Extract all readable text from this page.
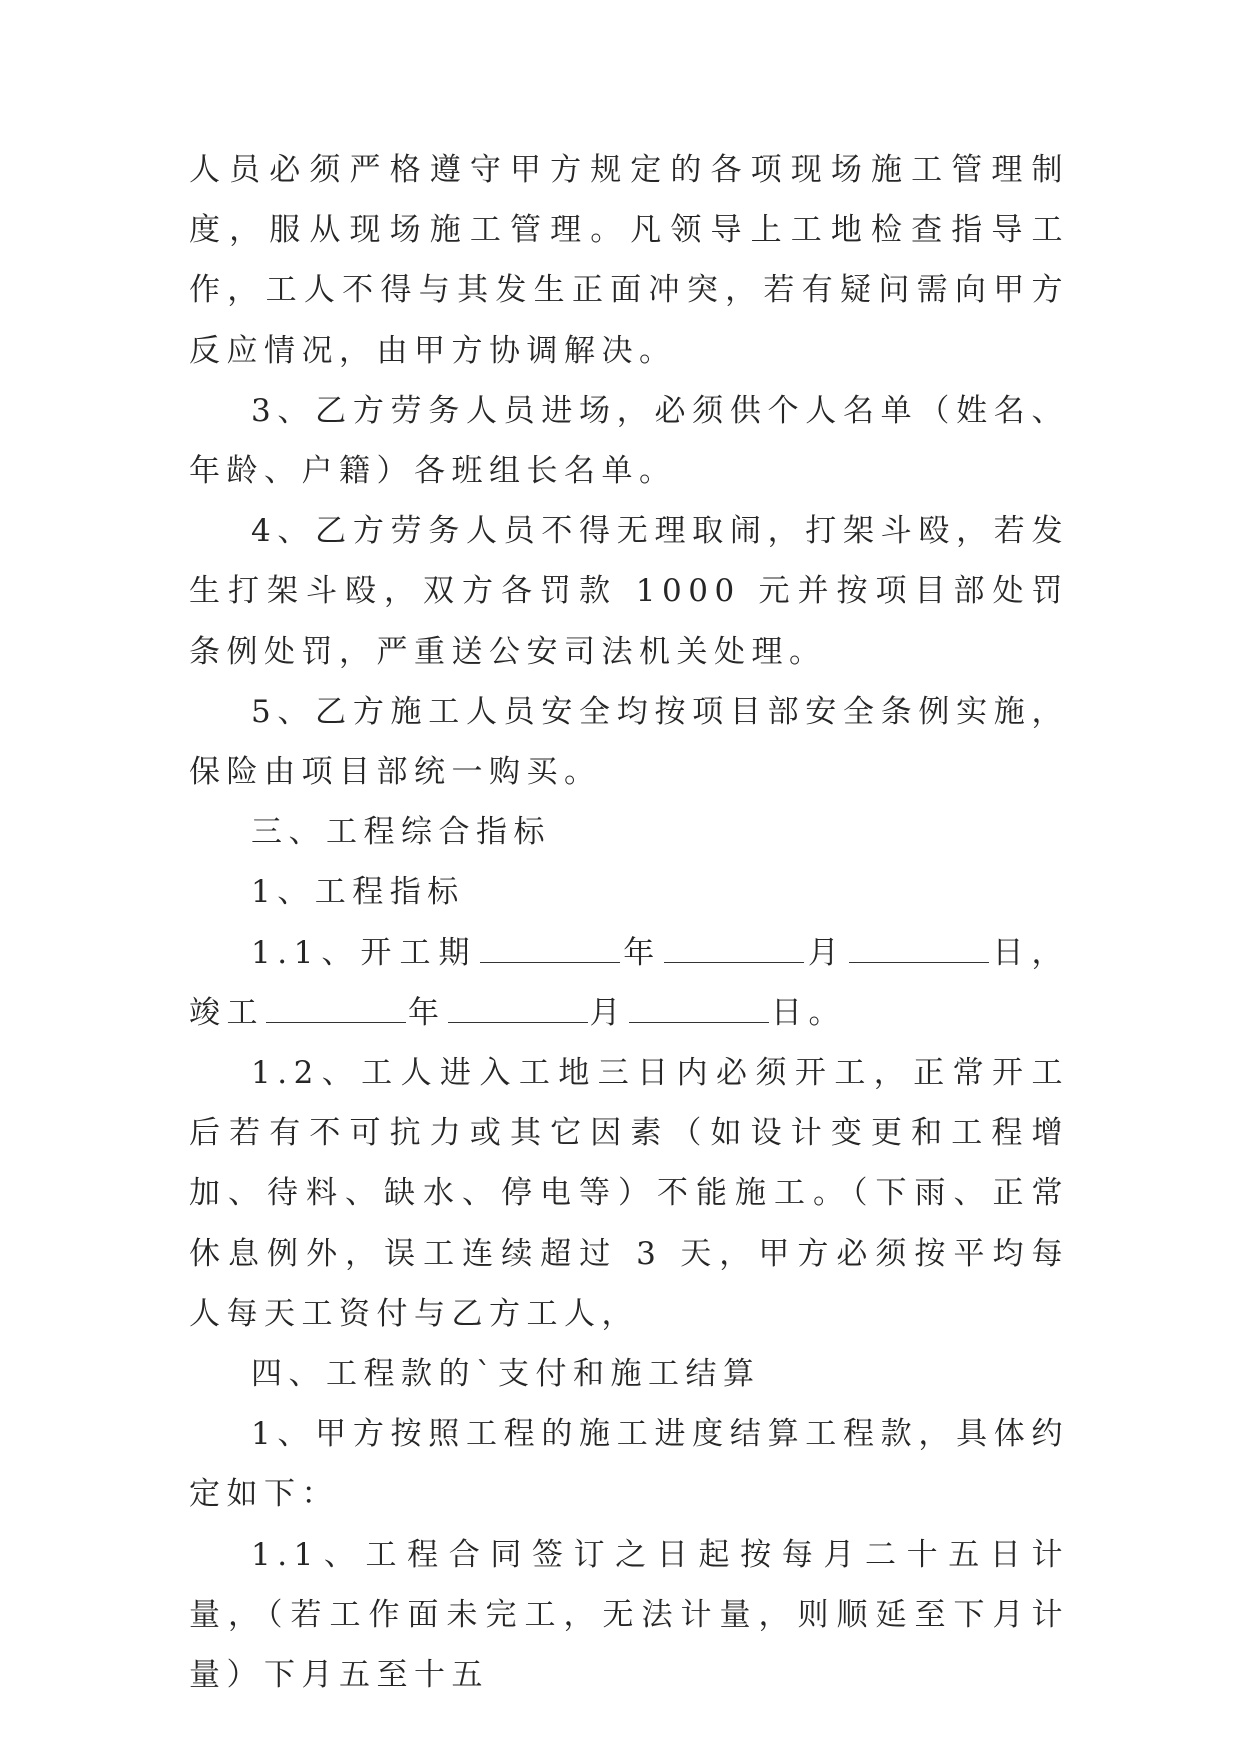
人员必须严格遵守甲方规定的各项现场施工管理制度，服从现场施工管理。凡领导上工地检查指导工作，工人不得与其发生正面冲突，若有疑问需向甲方反应情况，由甲方协调解决。

3、乙方劳务人员进场，必须供个人名单（姓名、年龄、户籍）各班组长名单。

4、乙方劳务人员不得无理取闹，打架斗殴，若发生打架斗殴，双方各罚款 1000 元并按项目部处罚条例处罚，严重送公安司法机关处理。

5、乙方施工人员安全均按项目部安全条例实施，保险由项目部统一购买。

三、工程综合指标

1、工程指标

1.1、开工期	年	月	日，竣工	年	月	日。

1.2、工人进入工地三日内必须开工，正常开工后若有不可抗力或其它因素（如设计变更和工程增加、待料、缺水、停电等）不能施工。（下雨、正常休息例外，误工连续超过 3 天，甲方必须按平均每人每天工资付与乙方工人，

四、工程款的`支付和施工结算

1、甲方按照工程的施工进度结算工程款，具体约定如下：

1.1、工程合同签订之日起按每月二十五日计量，（若工作面未完工，无法计量，则顺延至下月计量）下月五至十五
